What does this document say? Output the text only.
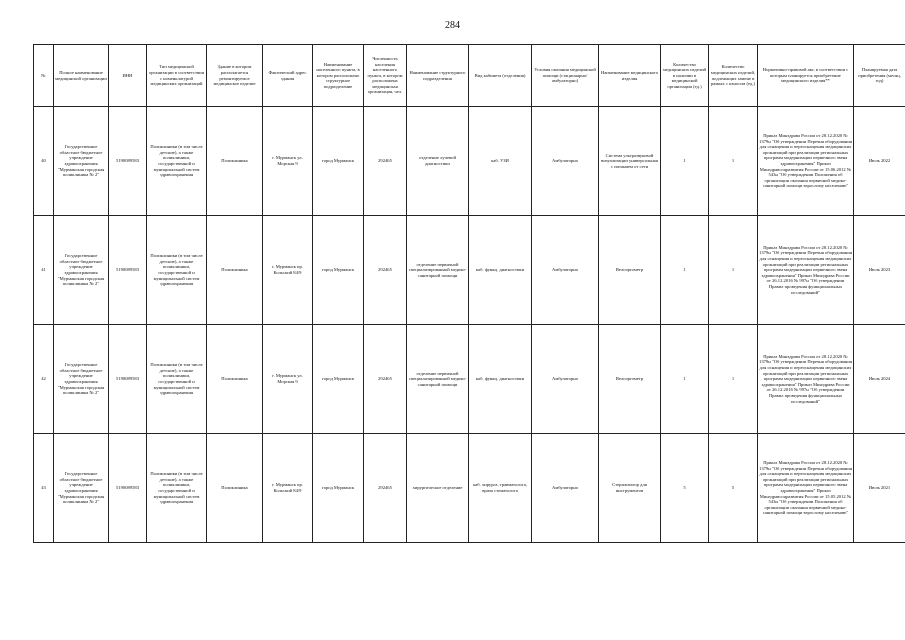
284
№	Полное наименование медицинской организации	ИНН	Тип медицинской организации в соответствии с номенклатурой медицинских организаций	Здание в котором располагается ремонтируемое медицинское изделие	Фактический адрес здания	Наименование населенного пункта, в котором расположено структурное подразделение	Численность населения населенного пункта, в котором расположена медицинская организация, чел.	Наименование структурного подразделения	Вид кабинета (отделения)	Условия оказания медицинской помощи (стационарно/амбулаторно)	Наименование медицинского изделия	Количество медицинских изделий в наличии в медицинской организации (ед.)	Количество медицинских изделий, подлежащих замене в рамках с износом (ед.)	Нормативно-правовой акт, в соответствии с которым планируется приобретение медицинского изделия**	Планируемая дата приобретения (месяц, год)
40	Государственное областное бюджетное учреждение здравоохранения "Мурманская городская поликлиника № 2"	5190089583	Поликлиники (в том числе детские), а также поликлиники, государственной и муниципальной систем здравоохранения	Поликлиника	г. Мурманск ул. Морская 9	город Мурманск	292465	отделение лучевой диагностики	каб. УЗИ	Амбулаторно	Система ультразвуковой визуализации универсальная с питанием от сети	1	1	Приказ Минздрава России от 28.12.2020 № 1379н "Об утверждении Перечня оборудования для оснащения и переоснащения медицинских организаций при реализации региональных программ модернизации первичного звена здравоохранения" Приказ Минздравсоцразвития России от 15.06.2012 № 543н "Об утверждении Положения об организации оказания первичной медико-санитарной помощи взрослому населению"	Июль 2022
41	Государственное областное бюджетное учреждение здравоохранения "Мурманская городская поликлиника № 2"	5190089583	Поликлиники (в том числе детские), а также поликлиники, государственной и муниципальной систем здравоохранения	Поликлиника	г. Мурманск пр. Кольский 84/9	город Мурманск	292465	отделение первичной специализированной медико-санитарной помощи	каб. функц. диагностики	Амбулаторно	Велоэргометр	1	1	Приказ Минздрава России от 28.12.2020 № 1379н "Об утверждении Перечня оборудования для оснащения и переоснащения медицинских организаций при реализации региональных программ модернизации первичного звена здравоохранения" Приказ Минздрава России от 26.12.2016 № 997н "Об утверждении Правил проведения функциональных исследований"	Июль 2023
42	Государственное областное бюджетное учреждение здравоохранения "Мурманская городская поликлиника № 2"	5190089583	Поликлиники (в том числе детские), а также поликлиники, государственной и муниципальной систем здравоохранения	Поликлиника	г. Мурманск ул. Морская 9	город Мурманск	292465	отделение первичной специализированной медико-санитарной помощи	каб. функц. диагностики	Амбулаторно	Велоэргометр	1	1	Приказ Минздрава России от 28.12.2020 № 1379н "Об утверждении Перечня оборудования для оснащения и переоснащения медицинских организаций при реализации региональных программ модернизации первичного звена здравоохранения" Приказ Минздрава России от 26.12.2016 № 997н "Об утверждении Правил проведения функциональных исследований"	Июль 2024
43	Государственное областное бюджетное учреждение здравоохранения "Мурманская городская поликлиника № 2"	5190089583	Поликлиники (в том числе детские), а также поликлиники, государственной и муниципальной систем здравоохранения	Поликлиника	г. Мурманск пр. Кольский 84/9	город Мурманск	292465	хирургическое отделение	каб. хирурга, травматолога, врача стоматолога	Амбулаторно	Стерилизатор для инструментов	5	5	Приказ Минздрава России от 28.12.2020 № 1379н "Об утверждении Перечня оборудования для оснащения и переоснащения медицинских организаций при реализации региональных программ модернизации первичного звена здравоохранения" Приказ Минздравсоцразвития России от 15.05.2012 № 543н "Об утверждении Положения об организации оказания первичной медико-санитарной помощи взрослому населению"	Июль 2021
